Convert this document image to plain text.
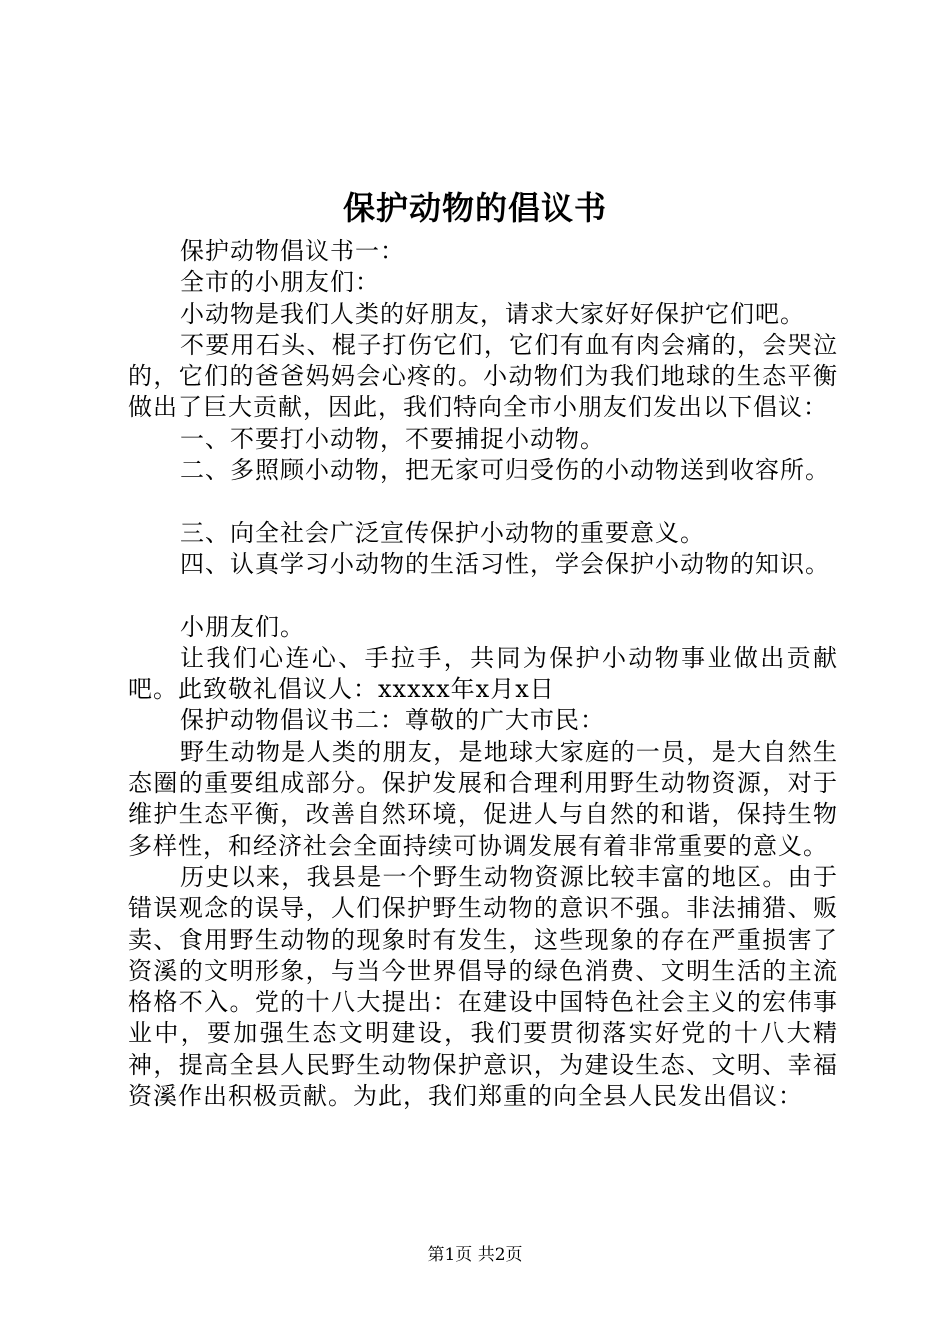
保护动物的倡议书

保护动物倡议书一：

全市的小朋友们：

小动物是我们人类的好朋友，请求大家好好保护它们吧。

不要用石头、棍子打伤它们，它们有血有肉会痛的，会哭泣的，它们的爸爸妈妈会心疼的。小动物们为我们地球的生态平衡做出了巨大贡献，因此，我们特向全市小朋友们发出以下倡议：

一、不要打小动物，不要捕捉小动物。

二、多照顾小动物，把无家可归受伤的小动物送到收容所。

三、向全社会广泛宣传保护小动物的重要意义。

四、认真学习小动物的生活习性，学会保护小动物的知识。

小朋友们。

让我们心连心、手拉手，共同为保护小动物事业做出贡献吧。此致敬礼倡议人：xxxxx年x月x日

保护动物倡议书二：尊敬的广大市民：

野生动物是人类的朋友，是地球大家庭的一员，是大自然生态圈的重要组成部分。保护发展和合理利用野生动物资源，对于维护生态平衡，改善自然环境，促进人与自然的和谐，保持生物多样性，和经济社会全面持续可协调发展有着非常重要的意义。

历史以来，我县是一个野生动物资源比较丰富的地区。由于错误观念的误导，人们保护野生动物的意识不强。非法捕猎、贩卖、食用野生动物的现象时有发生，这些现象的存在严重损害了资溪的文明形象，与当今世界倡导的绿色消费、文明生活的主流格格不入。党的十八大提出：在建设中国特色社会主义的宏伟事业中，要加强生态文明建设，我们要贯彻落实好党的十八大精神，提高全县人民野生动物保护意识，为建设生态、文明、幸福资溪作出积极贡献。为此，我们郑重的向全县人民发出倡议：

第1页 共2页
